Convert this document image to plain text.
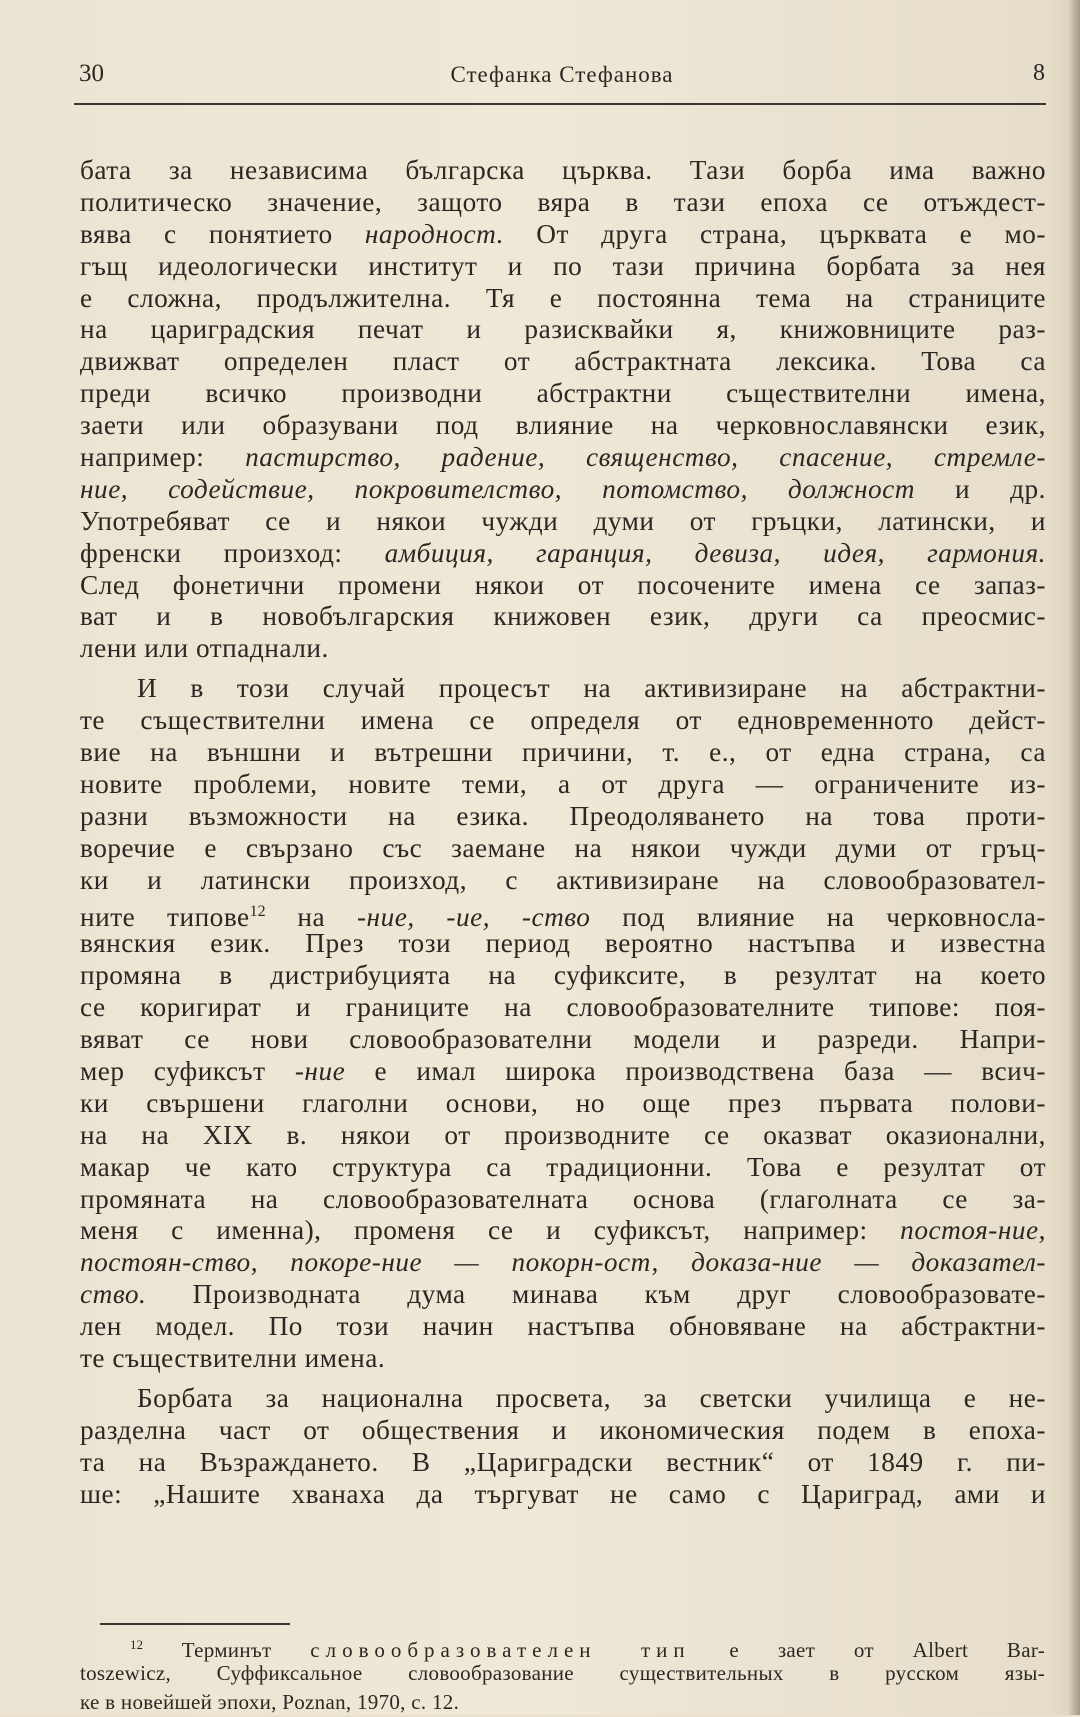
30	Стефанка Стефанова	8
бата за независима българска църква. Тази борба има важно
политическо значение, защото вяра в тази епоха се отъждест-
вява с понятието народност. От друга страна, църквата е мо-
гъщ идеологически институт и по тази причина борбата за нея
е сложна, продължителна. Тя е постоянна тема на страниците
на цариградския печат и разисквайки я, книжовниците раз-
движват определен пласт от абстрактната лексика. Това са
преди всичко производни абстрактни съществителни имена,
заети или образувани под влияние на черковнославянски език,
например: пастирство, радение, священство, спасение, стремле-
ние, содействие, покровителство, потомство, должност и др.
Употребяват се и някои чужди думи от гръцки, латински, и
френски произход: амбиция, гаранция, девиза, идея, гармония.
След фонетични промени някои от посочените имена се запаз-
ват и в новобългарския книжовен език, други са преосмис-
лени или отпаднали.
И в този случай процесът на активизиране на абстрактни-
те съществителни имена се определя от едновременното дейст-
вие на външни и вътрешни причини, т. е., от една страна, са
новите проблеми, новите теми, а от друга — ограничените из-
разни възможности на езика. Преодоляването на това проти-
воречие е свързано със заемане на някои чужди думи от гръц-
ки и латински произход, с активизиране на словообразовател-
ните типове$^{12}$ на -ние, -ие, -ство под влияние на черковносла-
вянския език. През този период вероятно настъпва и известна
промяна в дистрибуцията на суфиксите, в резултат на което
се коригират и границите на словообразователните типове: поя-
вяват се нови словообразователни модели и разреди. Напри-
мер суфиксът -ние е имал широка производствена база — всич-
ки свършени глаголни основи, но още през първата полови-
на на XIX в. някои от производните се оказват оказионални,
макар че като структура са традиционни. Това е резултат от
промяната на словообразователната основа (глаголната се за-
меня с именна), променя се и суфиксът, например: постоя-ние,
постоян-ство, покоре-ние — покорн-ост, доказа-ние — доказател-
ство. Производната дума минава към друг словообразовате-
лен модел. По този начин настъпва обновяване на абстрактни-
те съществителни имена.
Борбата за национална просвета, за светски училища е не-
разделна част от обществения и икономическия подем в епоха-
та на Възраждането. В „Цариградски вестник“ от 1849 г. пи-
ше: „Нашите хванаха да търгуват не само с Цариград, ами и
$^{12}$ Терминът словообразователен тип е зает от Albert Bar-
toszewicz, Суффиксальное словообразование существительных в русском язы-
ке в новейшей эпохи, Poznan, 1970, с. 12.
